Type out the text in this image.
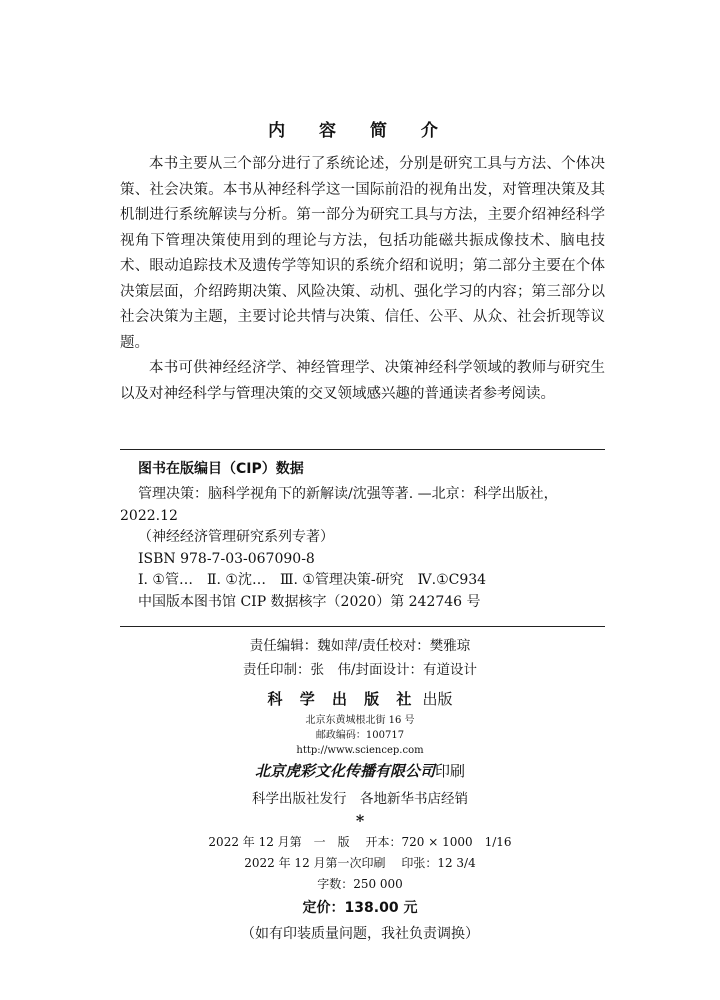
内 容 简 介

本书主要从三个部分进行了系统论述，分别是研究工具与方法、个体决策、社会决策。本书从神经科学这一国际前沿的视角出发，对管理决策及其机制进行系统解读与分析。第一部分为研究工具与方法，主要介绍神经科学视角下管理决策使用到的理论与方法，包括功能磁共振成像技术、脑电技术、眼动追踪技术及遗传学等知识的系统介绍和说明；第二部分主要在个体决策层面，介绍跨期决策、风险决策、动机、强化学习的内容；第三部分以社会决策为主题，主要讨论共情与决策、信任、公平、从众、社会折现等议题。

本书可供神经经济学、神经管理学、决策神经科学领域的教师与研究生以及对神经科学与管理决策的交叉领域感兴趣的普通读者参考阅读。

图书在版编目（CIP）数据
管理决策：脑科学视角下的新解读/沈强等著. —北京：科学出版社，
2022.12
（神经经济管理研究系列专著）
ISBN 978-7-03-067090-8
Ⅰ. ①管…　Ⅱ. ①沈…　Ⅲ. ①管理决策-研究　Ⅳ.①C934
中国版本图书馆 CIP 数据核字（2020）第 242746 号
责任编辑：魏如萍/责任校对：樊雅琼
责任印制：张　伟/封面设计：有道设计
科 学 出 版 社 出版
北京东黄城根北街 16 号
邮政编码：100717
http://www.sciencep.com
北京虎彩文化传播有限公司印刷
科学出版社发行　各地新华书店经销
*
2022 年 12 月第　一　版　 开本：720 × 1000　1/16
2022 年 12 月第一次印刷　 印张：12 3/4
字数：250 000
定价：138.00 元
（如有印装质量问题，我社负责调换）
